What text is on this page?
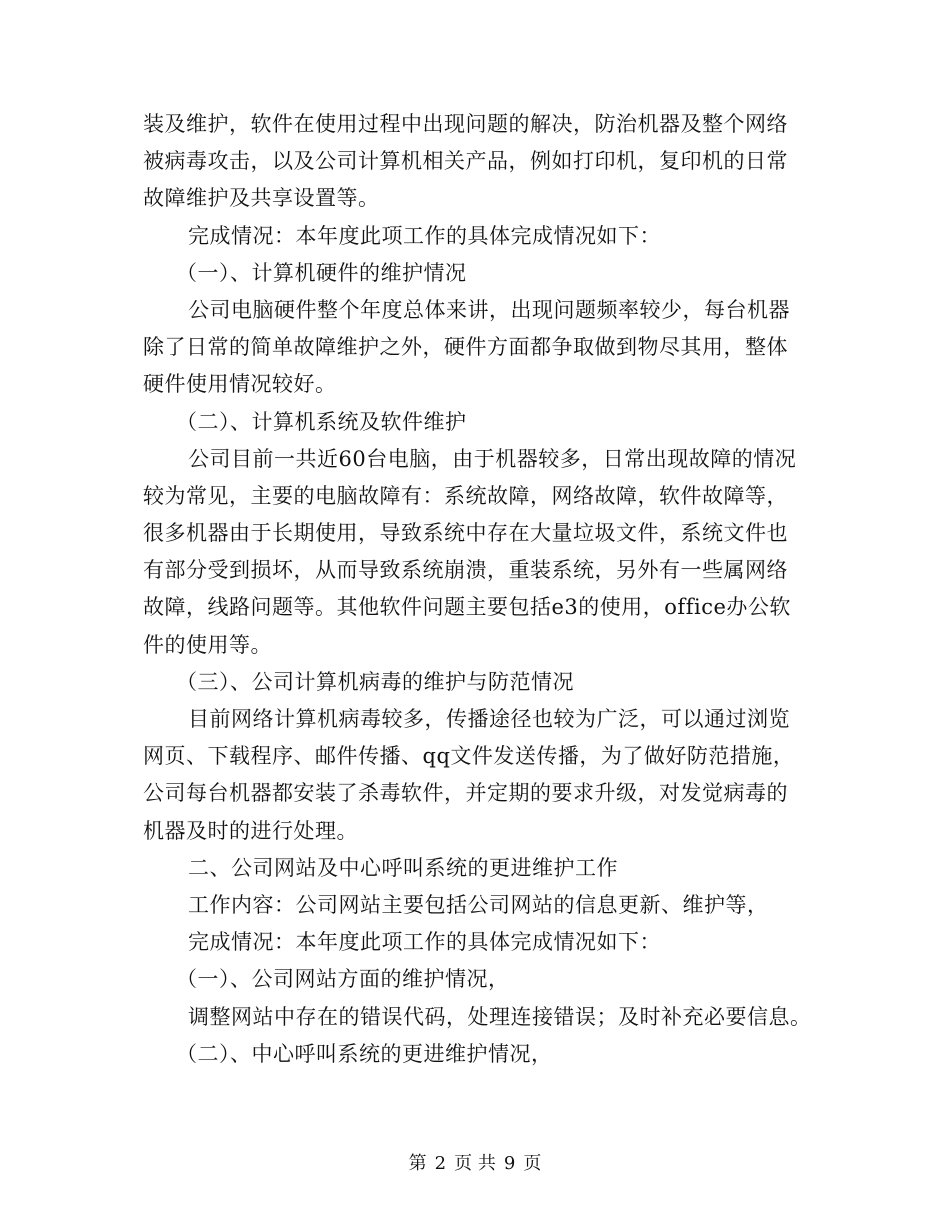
装及维护，软件在使用过程中出现问题的解决，防治机器及整个网络
被病毒攻击，以及公司计算机相关产品，例如打印机，复印机的日常
故障维护及共享设置等。
完成情况：本年度此项工作的具体完成情况如下：
（一）、计算机硬件的维护情况
公司电脑硬件整个年度总体来讲，出现问题频率较少，每台机器
除了日常的简单故障维护之外，硬件方面都争取做到物尽其用，整体
硬件使用情况较好。
（二）、计算机系统及软件维护
公司目前一共近60台电脑，由于机器较多，日常出现故障的情况
较为常见，主要的电脑故障有：系统故障，网络故障，软件故障等，
很多机器由于长期使用，导致系统中存在大量垃圾文件，系统文件也
有部分受到损坏，从而导致系统崩溃，重装系统，另外有一些属网络
故障，线路问题等。其他软件问题主要包括e3的使用，office办公软
件的使用等。
（三）、公司计算机病毒的维护与防范情况
目前网络计算机病毒较多，传播途径也较为广泛，可以通过浏览
网页、下载程序、邮件传播、qq文件发送传播，为了做好防范措施，
公司每台机器都安装了杀毒软件，并定期的要求升级，对发觉病毒的
机器及时的进行处理。
二、公司网站及中心呼叫系统的更进维护工作
工作内容：公司网站主要包括公司网站的信息更新、维护等，
完成情况：本年度此项工作的具体完成情况如下：
（一）、公司网站方面的维护情况，
调整网站中存在的错误代码，处理连接错误；及时补充必要信息。
（二）、中心呼叫系统的更进维护情况，
第 2 页 共 9 页
